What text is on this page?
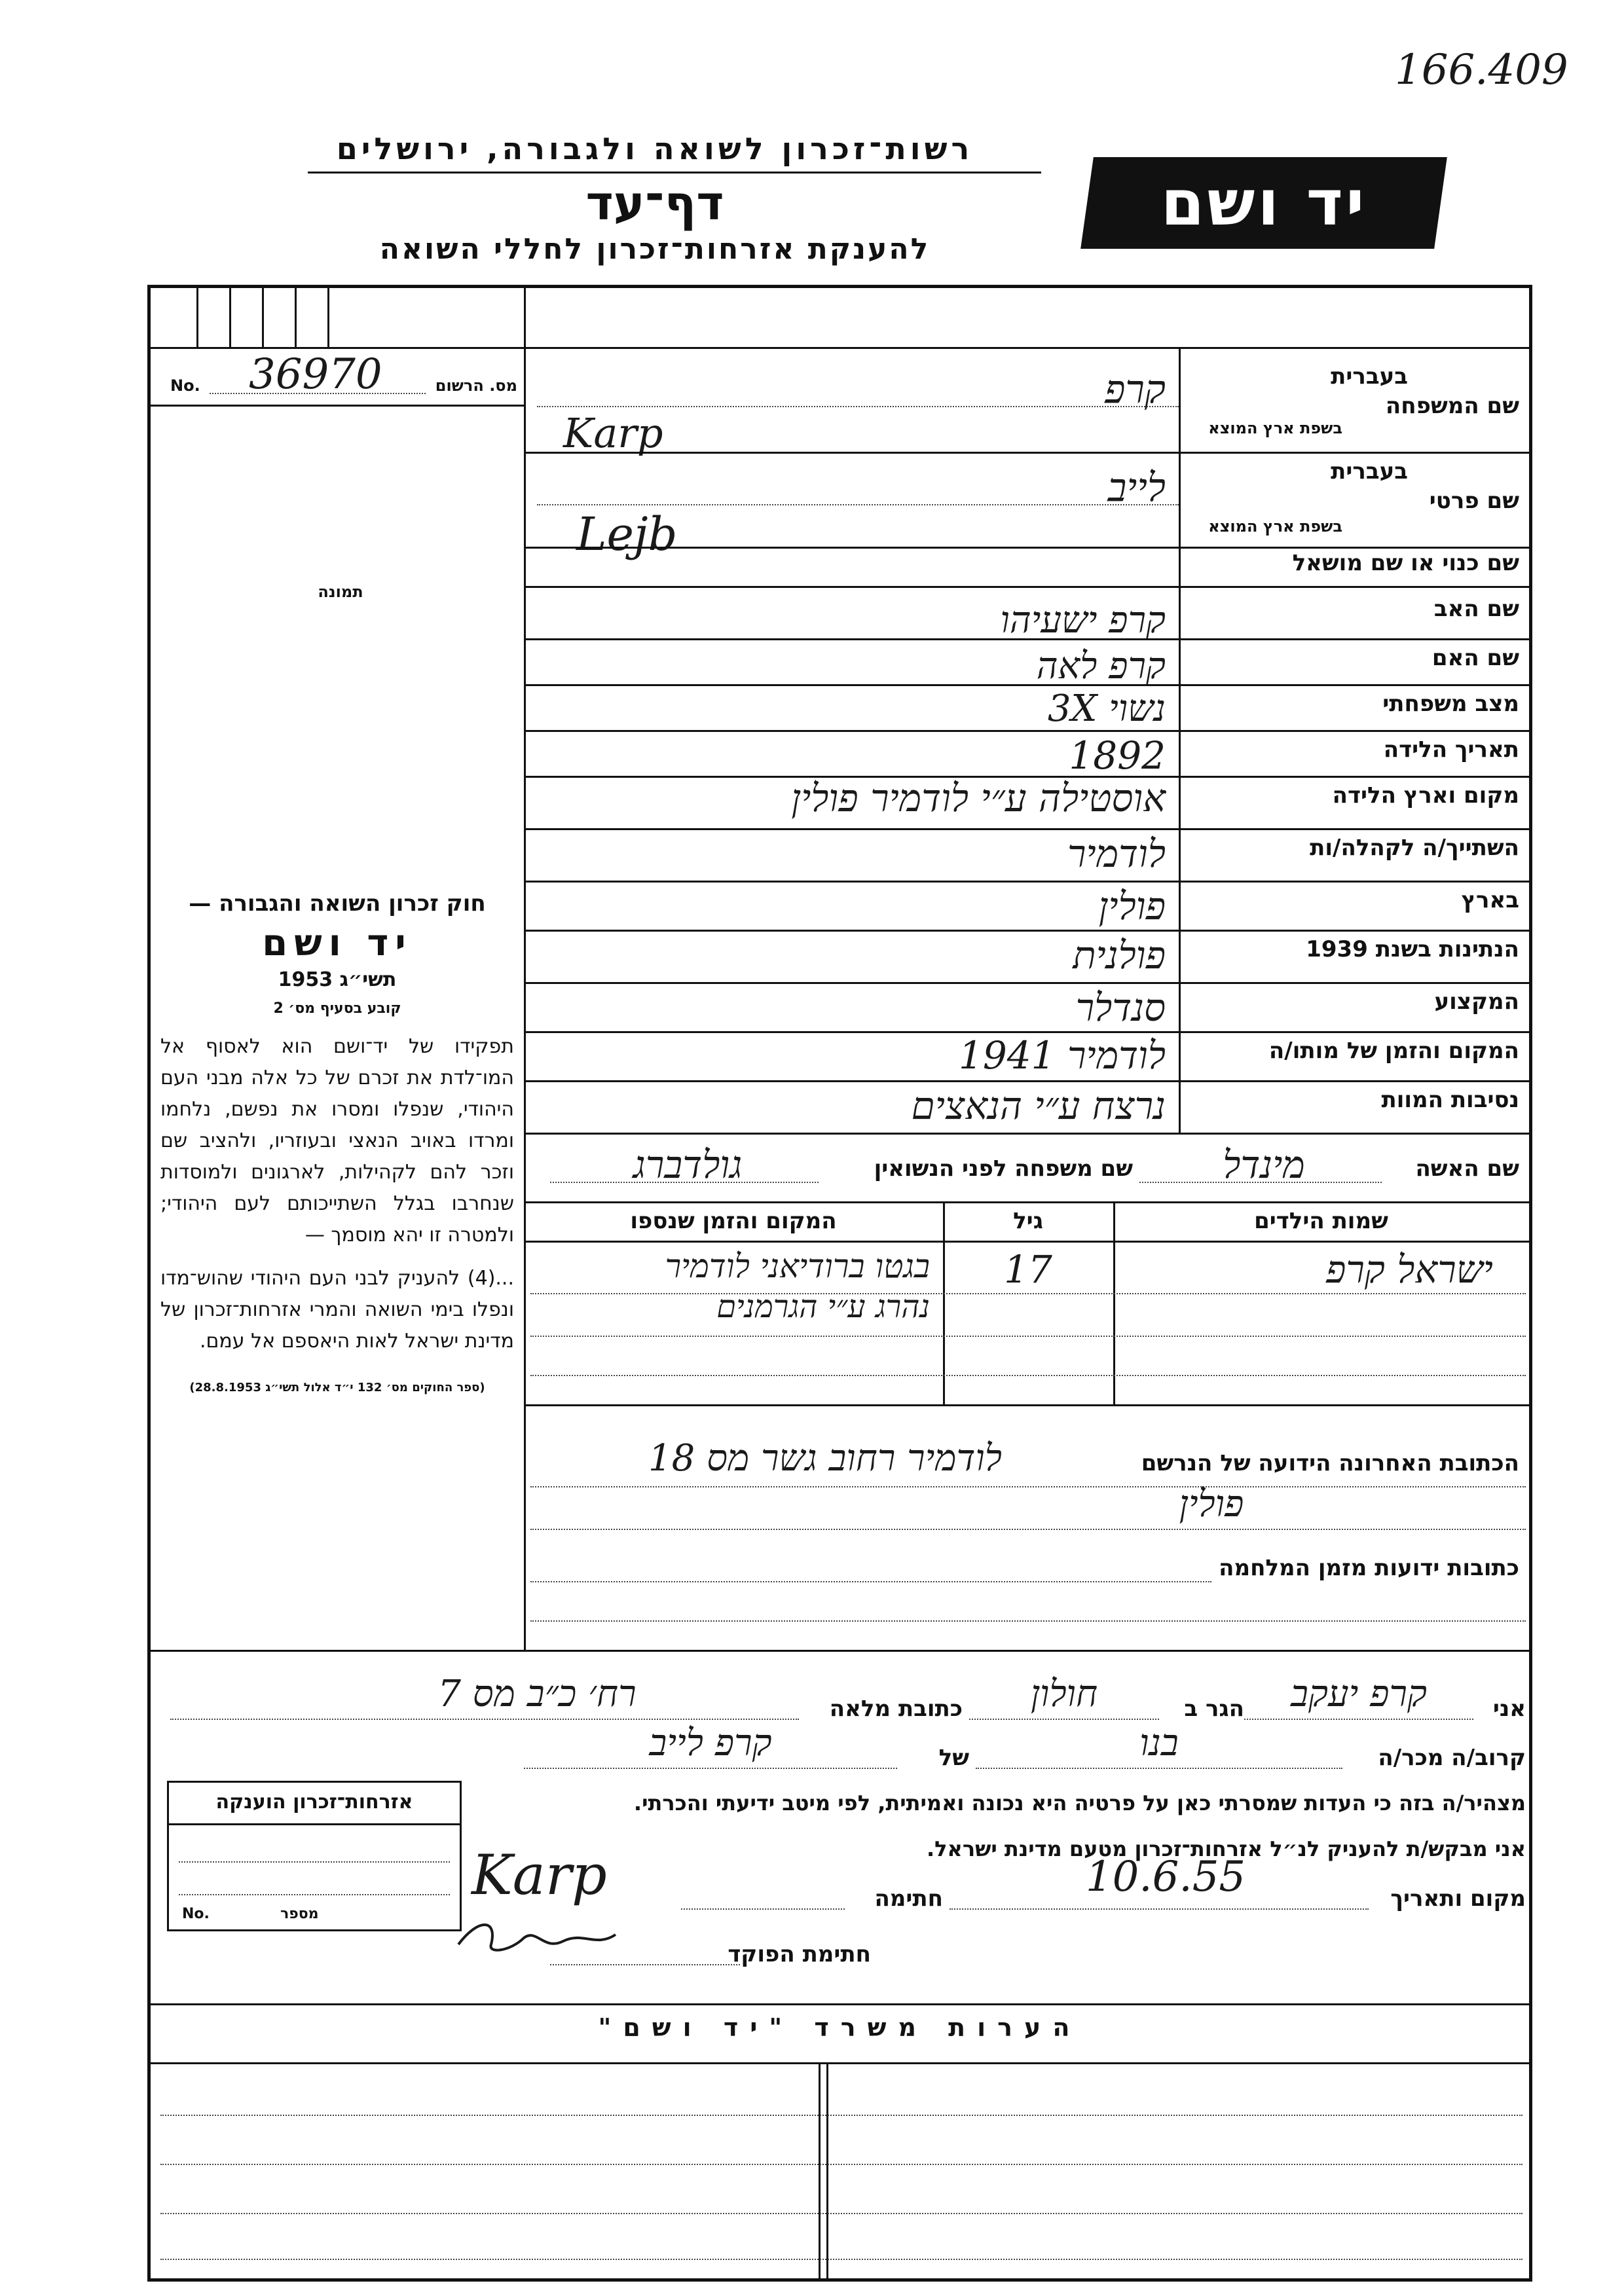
166.409
רשות־זכרון לשואה ולגבורה, ירושלים
דף־עד
להענקת אזרחות־זכרון לחללי השואה
יד ושם
No. 36970	מס. הרשום
תמונה
חוק זכרון השואה והגבורה —
יד ושם
תשי״ג 1953
קובע בסעיף מס׳ 2
תפקידו של יד־ושם הוא לאסוף אל המו־לדת את זכרם של כל אלה מבני העם היהודי, שנפלו ומסרו את נפשם, נלחמו ומרדו באויב הנאצי ובעוזריו, ולהציב שם וזכר להם לקהילות, לארגונים ולמוסדות שנחרבו בגלל השתייכותם לעם היהודי; ולמטרה זו יהא מוסמך —
...(4) להעניק לבני העם היהודי שהוש־מדו ונפלו בימי השואה והמרי אזרחות־זכרון של מדינת ישראל לאות היאספם אל עמם.
(ספר החוקים מס׳ 132 י״ד אלול תשי״ג 28.8.1953)
בעברית
שם המשפחה
בשפת ארץ המוצא
קרפ
Karp
בעברית
שם פרטי
בשפת ארץ המוצא
לייב
Lejb
שם כנוי או שם מושאל
שם האב
קרפ ישעיהו
שם האם
קרפ לאה
מצב משפחתי
נשוי 3X
תאריך הלידה
1892
מקום וארץ הלידה
אוסטילה ע״י לודמיר פולין
השתייך/ה לקהלה/ות
לודמיר
בארץ
פולין
הנתינות בשנת 1939
פולנית
המקצוע
סנדלר
המקום והזמן של מותו/ה
לודמיר 1941
נסיבות המוות
נרצח ע״י הנאצים
שם האשה
מינדל
שם משפחה לפני הנשואין
גולדברג
שמות הילדים
גיל
המקום והזמן שנספו
ישראל קרפ
17
בגטו ברודיאני לודמיר
נהרג ע״י הגרמנים
הכתובת האחרונה הידועה של הנרשם
לודמיר רחוב גשר מס 18
פולין
כתובות ידועות מזמן המלחמה
אני
קרפ יעקב
הגר ב
חולון
כתובת מלאה
רח׳ כ״ב מס 7
קרוב/ה מכר/ה
בנו
של
קרפ לייב
מצהיר/ה בזה כי העדות שמסרתי כאן על פרטיה היא נכונה ואמיתית, לפי מיטב ידיעתי והכרתי.
אני מבקש/ת להעניק לנ״ל אזרחות־זכרון מטעם מדינת ישראל.
מקום ותאריך
10.6.55
חתימה
Karp
חתימת הפוקד
אזרחות־זכרון הוענקה
No.	מספר
הערות משרד "יד ושם"
